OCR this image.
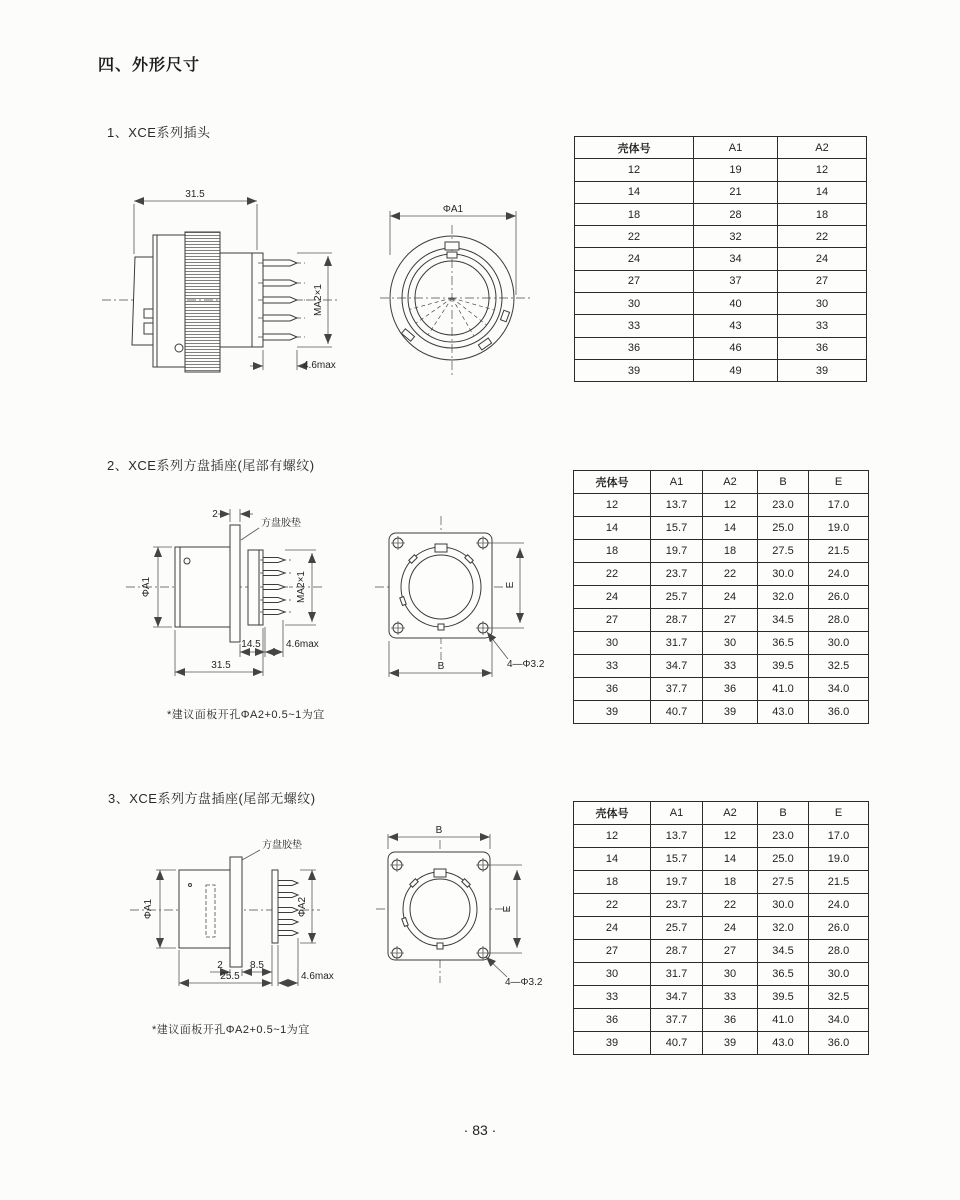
四、外形尺寸
1、XCE系列插头
31.5
MA2×1
4.6max
ΦA1
壳体号	A1	A2
12	19	12
14	21	14
18	28	18
22	32	22
24	34	24
27	37	27
30	40	30
33	43	33
36	46	36
39	49	39
2、XCE系列方盘插座(尾部有螺纹)
2
方盘胶垫
ΦA1	MA2×1
14.5	4.6max
31.5
E
B	4—Φ3.2
壳体号	A1	A2	B	E
12	13.7	12	23.0	17.0
14	15.7	14	25.0	19.0
18	19.7	18	27.5	21.5
22	23.7	22	30.0	24.0
24	25.7	24	32.0	26.0
27	28.7	27	34.5	28.0
30	31.7	30	36.5	30.0
33	34.7	33	39.5	32.5
36	37.7	36	41.0	34.0
39	40.7	39	43.0	36.0
*建议面板开孔ΦA2+0.5~1为宜
3、XCE系列方盘插座(尾部无螺纹)
方盘胶垫
ΦA1	ΦA2
2	8.5
25.5	4.6max
B
E
4—Φ3.2
壳体号	A1	A2	B	E
12	13.7	12	23.0	17.0
14	15.7	14	25.0	19.0
18	19.7	18	27.5	21.5
22	23.7	22	30.0	24.0
24	25.7	24	32.0	26.0
27	28.7	27	34.5	28.0
30	31.7	30	36.5	30.0
33	34.7	33	39.5	32.5
36	37.7	36	41.0	34.0
39	40.7	39	43.0	36.0
*建议面板开孔ΦA2+0.5~1为宜
· 83 ·
